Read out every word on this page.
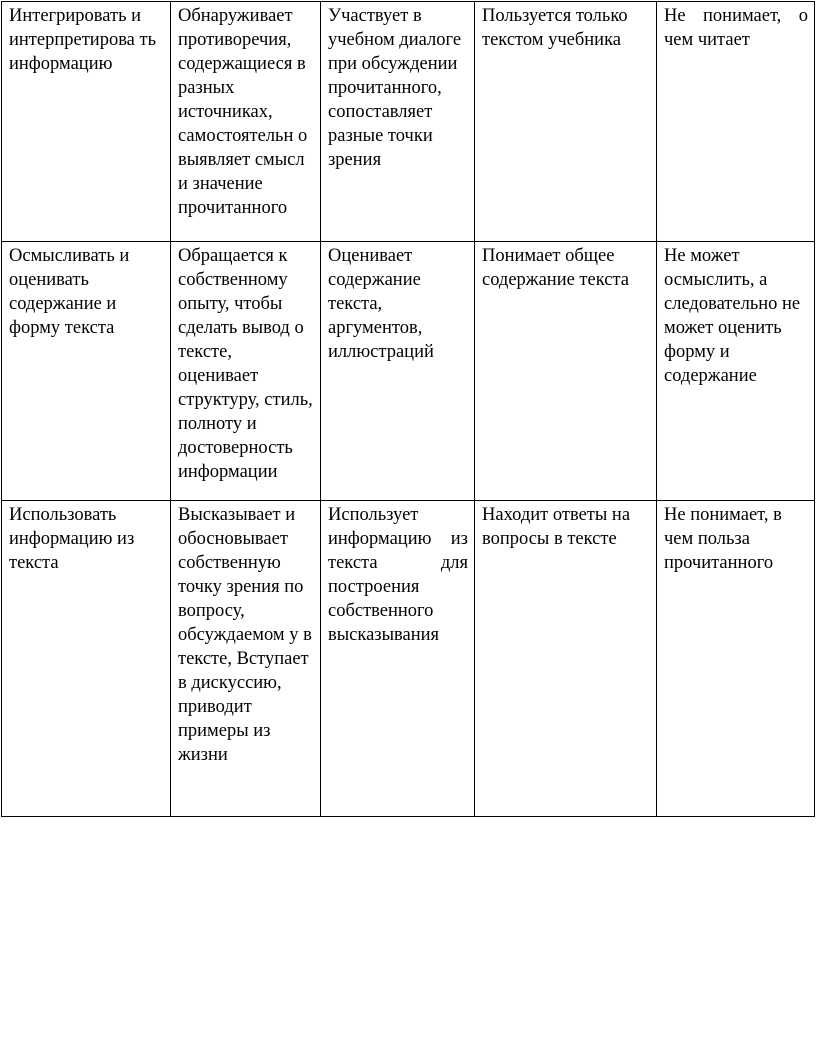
Интегрировать и интерпретирова ть информацию	Обнаруживает противоречия, содержащиеся в разных источниках, самостоятельн о выявляет смысл и значение прочитанного	Участвует в учебном диалоге при обсуждении прочитанного, сопоставляет разные точки зрения	Пользуется только текстом учебника	Не понимает, о чем читает
Осмысливать и оценивать содержание и форму текста	Обращается к собственному опыту, чтобы сделать вывод о тексте, оценивает структуру, стиль, полноту и достоверность информации	Оценивает содержание текста, аргументов, иллюстраций	Понимает общее содержание текста	Не может осмыслить, а следовательно не может оценить форму и содержание
Использовать информацию из текста	Высказывает и обосновывает собственную точку зрения по вопросу, обсуждаемом у в тексте, Вступает в дискуссию, приводит примеры из жизни	Использует информацию из текста для построения собственного высказывания	Находит ответы на вопросы в тексте	Не понимает, в чем польза прочитанного
